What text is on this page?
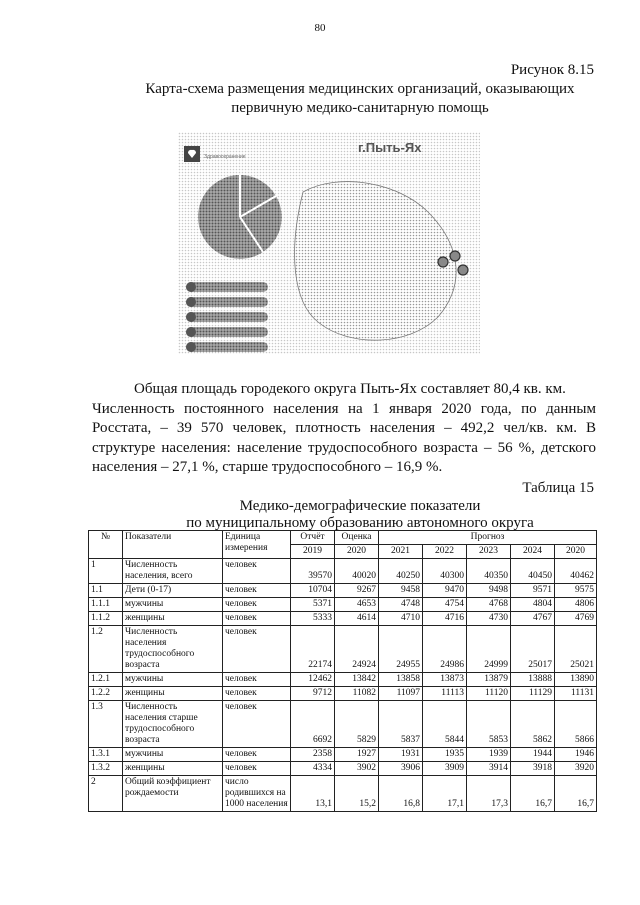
80
Рисунок 8.15
Карта-схема размещения медицинских организаций, оказывающих
первичную медико-санитарную помощь
Здравоохранение
г.Пыть-Ях
Общая площадь городекого округа Пыть-Ях составляет 80,4 кв. км.
Численность постоянного населения на 1 января 2020 года, по данным Росстата, – 39 570 человек, плотность населения – 492,2 чел/кв. км. В структуре населения: население трудоспособного возраста – 56 %, детского населения – 27,1 %, старше трудоспособного – 16,9 %.
Таблица 15
Медико-демографические показатели
по муниципальному образованию автономного округа
№	Показатели	Единица измерения	Отчёт	Оценка	Прогноз				
			2019	2020	2021	2022	2023	2024	2020
1	Численность населения, всего	человек	39570	40020	40250	40300	40350	40450	40462
1.1	Дети (0-17)	человек	10704	9267	9458	9470	9498	9571	9575
1.1.1	мужчины	человек	5371	4653	4748	4754	4768	4804	4806
1.1.2	женщины	человек	5333	4614	4710	4716	4730	4767	4769
1.2	Численность населения трудоспособного возраста	человек	22174	24924	24955	24986	24999	25017	25021
1.2.1	мужчины	человек	12462	13842	13858	13873	13879	13888	13890
1.2.2	женщины	человек	9712	11082	11097	11113	11120	11129	11131
1.3	Численность населения старше трудоспособного возраста	человек	6692	5829	5837	5844	5853	5862	5866
1.3.1	мужчины	человек	2358	1927	1931	1935	1939	1944	1946
1.3.2	женщины	человек	4334	3902	3906	3909	3914	3918	3920
2	Общий коэффициент рождаемости	число родившихся на 1000 населения	13,1	15,2	16,8	17,1	17,3	16,7	16,7
